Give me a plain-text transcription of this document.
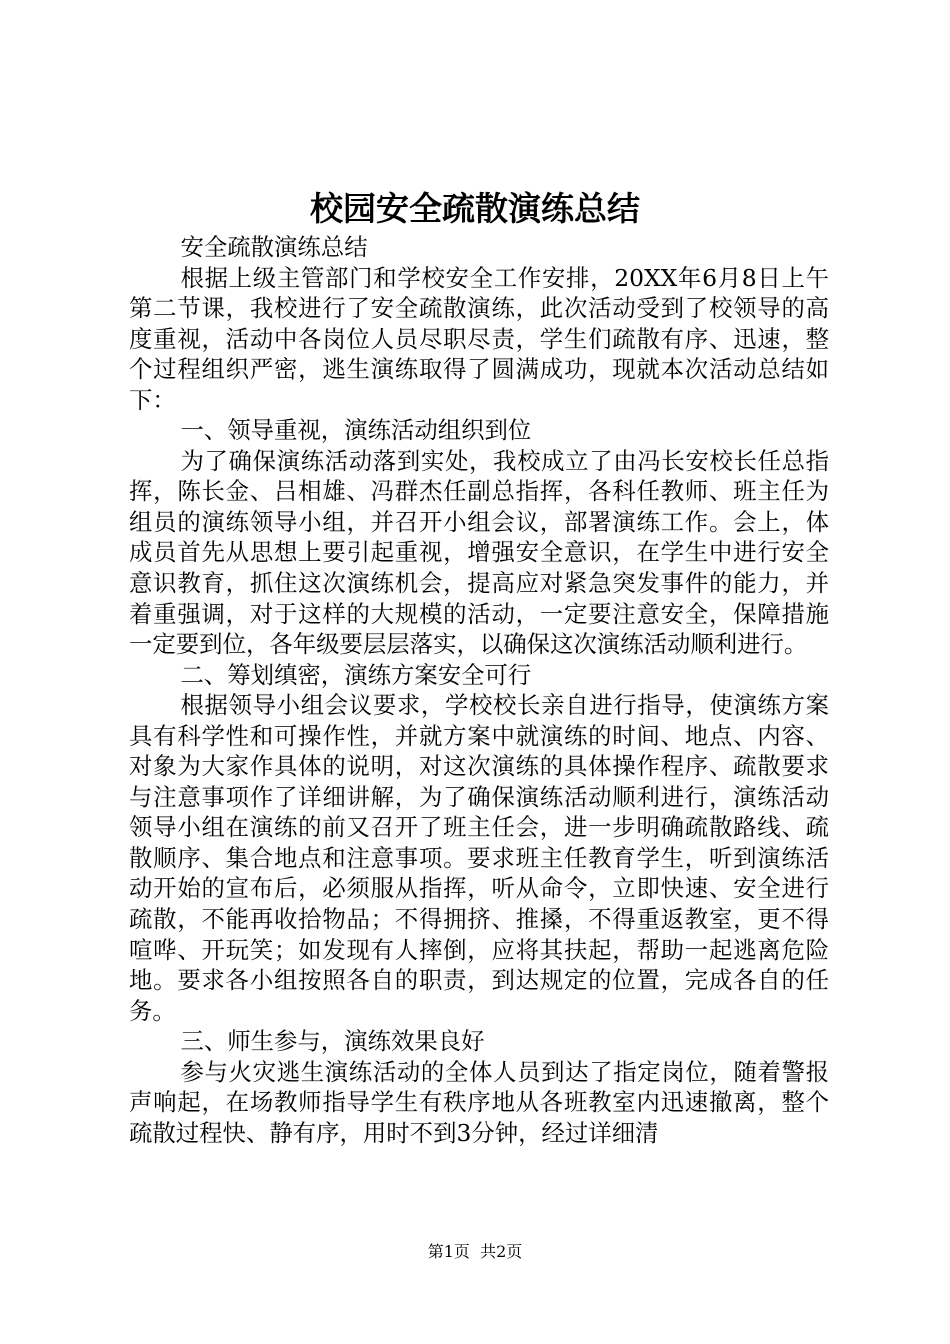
校园安全疏散演练总结

安全疏散演练总结

根据上级主管部门和学校安全工作安排，20XX年6月8日上午第二节课，我校进行了安全疏散演练，此次活动受到了校领导的高度重视，活动中各岗位人员尽职尽责，学生们疏散有序、迅速，整个过程组织严密，逃生演练取得了圆满成功，现就本次活动总结如下：

一、领导重视，演练活动组织到位

为了确保演练活动落到实处，我校成立了由冯长安校长任总指挥，陈长金、吕相雄、冯群杰任副总指挥，各科任教师、班主任为组员的演练领导小组，并召开小组会议，部署演练工作。会上，体成员首先从思想上要引起重视，增强安全意识，在学生中进行安全意识教育，抓住这次演练机会，提高应对紧急突发事件的能力，并着重强调，对于这样的大规模的活动，一定要注意安全，保障措施一定要到位，各年级要层层落实，以确保这次演练活动顺利进行。

二、筹划缜密，演练方案安全可行

根据领导小组会议要求，学校校长亲自进行指导，使演练方案具有科学性和可操作性，并就方案中就演练的时间、地点、内容、对象为大家作具体的说明，对这次演练的具体操作程序、疏散要求与注意事项作了详细讲解，为了确保演练活动顺利进行，演练活动领导小组在演练的前又召开了班主任会，进一步明确疏散路线、疏散顺序、集合地点和注意事项。要求班主任教育学生，听到演练活动开始的宣布后，必须服从指挥，听从命令，立即快速、安全进行疏散，不能再收拾物品；不得拥挤、推搡，不得重返教室，更不得喧哗、开玩笑；如发现有人摔倒，应将其扶起，帮助一起逃离危险地。要求各小组按照各自的职责，到达规定的位置，完成各自的任务。

三、师生参与，演练效果良好

参与火灾逃生演练活动的全体人员到达了指定岗位，随着警报声响起，在场教师指导学生有秩序地从各班教室内迅速撤离，整个疏散过程快、静有序，用时不到3分钟，经过详细清

第1页 共2页
